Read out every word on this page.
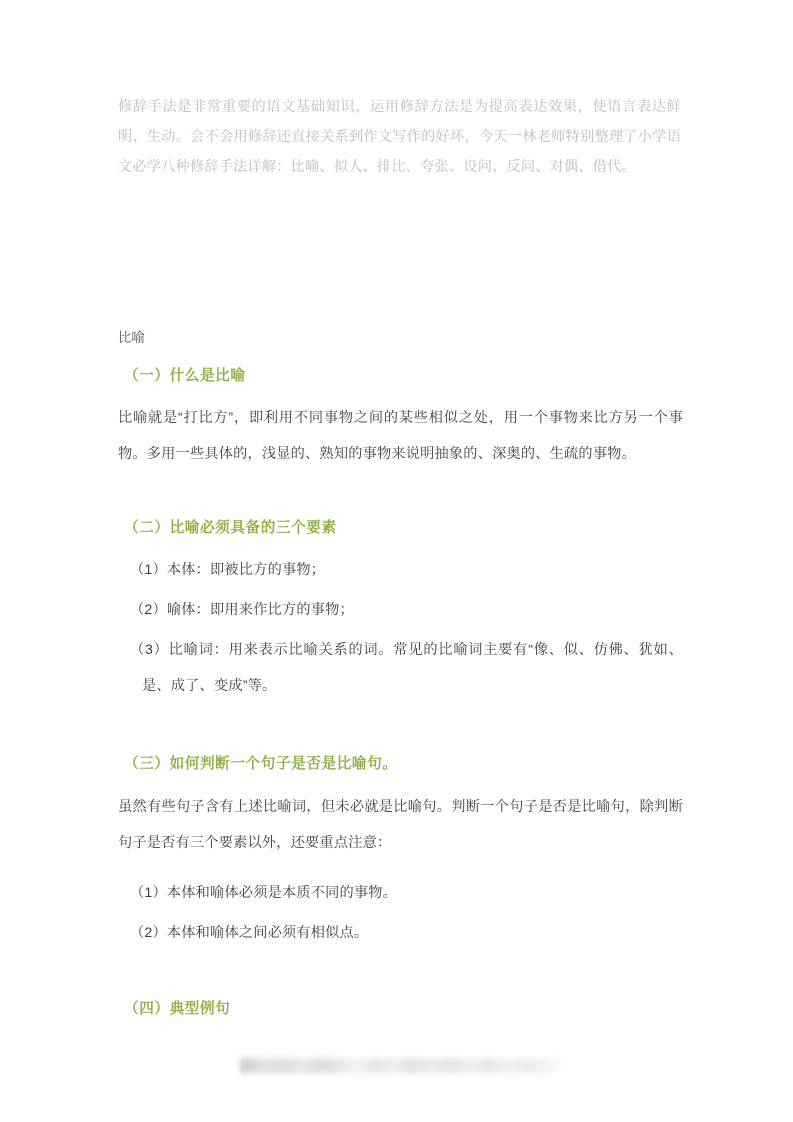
修辞手法是非常重要的语文基础知识，运用修辞方法是为提高表达效果，使语言表达鲜明、生动。会不会用修辞还直接关系到作文写作的好坏，今天一林老师特别整理了小学语文必学八种修辞手法详解：比喻、拟人、排比、夸张、设问、反问、对偶、借代。

比喻
（一）什么是比喻

比喻就是“打比方”，即利用不同事物之间的某些相似之处，用一个事物来比方另一个事物。多用一些具体的，浅显的、熟知的事物来说明抽象的、深奥的、生疏的事物。

（二）比喻必须具备的三个要素
（1）本体：即被比方的事物；
（2）喻体：即用来作比方的事物；
（3）比喻词：用来表示比喻关系的词。常见的比喻词主要有“像、似、仿佛、犹如、是、成了、变成”等。
（三）如何判断一个句子是否是比喻句。

虽然有些句子含有上述比喻词，但未必就是比喻句。判断一个句子是否是比喻句，除判断句子是否有三个要素以外，还要重点注意：

（1）本体和喻体必须是本质不同的事物。
（2）本体和喻体之间必须有相似点。
（四）典型例句
